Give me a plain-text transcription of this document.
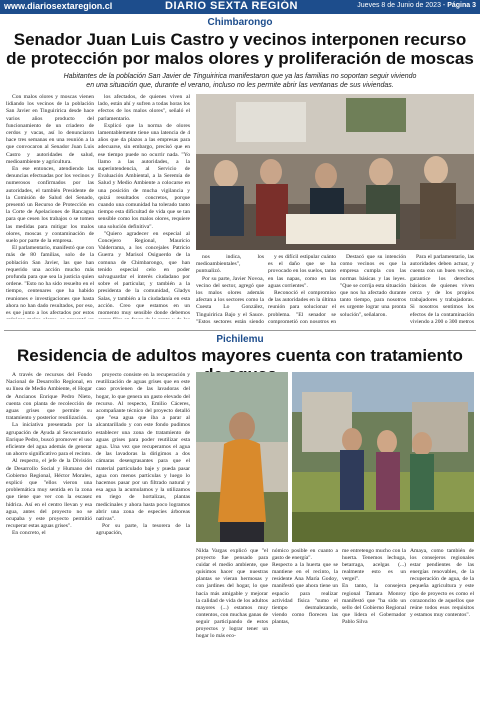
www.diariosextaregion.cl	DIARIO SEXTA REGIÓN	Jueves 8 de Junio de 2023 - Página 3
Chimbarongo
Senador Juan Luis Castro y vecinos interponen recurso
de protección por malos olores y proliferación de moscas
Habitantes de la población San Javier de Tinguiririca manifestaron que ya las familias no soportan seguir viviendo
en una situación que, durante el verano, incluso no les permite abrir las ventanas de sus viviendas.

Con malos olores y moscas vienen lidiando los vecinos de la población San Javier en Tinguiririca desde hace varios años producto del funcionamiento de un criadero de cerdos y vacas, así lo denunciaron hace tres semanas en una reunión a la que convocaron al Senador Juan Luis Castro y autoridades de salud, medioambiente y agricultura.

En ese entonces, atendiendo las denuncias efectuadas por los vecinos y numerosos confirmados por las autoridades, el también Presidente de la Comisión de Salud del Senado, presentó un Recurso de Protección en la Corte de Apelaciones de Rancagua para que cesen los trabajos o se tomen las medidas para mitigar los malos olores, moscas y contaminación de suelo por parte de la empresa.

El parlamentario, manifestó que con más de 80 familias, solo de la población San Javier, las que han requerido una acción mucho más profunda para que sea la justicia quien ordene. "Esto no ha sido resuelto en el tiempo, centenares que ha habido reuniones e investigaciones que hasta ahora no han dado resultados, por eso, es que junto a los afectados por estos

los afectados, de quienes viven al lado, están ahí y sufren a todas horas los efectos de los malos olores", señaló el parlamentario.

Explicó que la norma de olores lamentablemente tiene una latencia de 4 años que da plazos a las empresas para adecuarse, sin embargo, precisó que en ese tiempo puede no ocurrir nada. "Yo llamo a las autoridades, a la superintendencia, al Servicio de Evaluación Ambiental, a la Seremía de Salud y Medio Ambiente a colocarse en una posición de mucha vigilancia y quizá resultados concretos, porque cuando una comunidad ha tolerado tanto tiempo esta dificultad de vida que se tan sensible como los malos olores, requiere una solución definitiva".

"Quiero agradecer en especial al Concejero Regional, Mauricio Valderrama, a los concejales Patricio Guerra y Marisol Osiguerdo de la comuna de Chimbarongo, que han tenido especial celo en poder salvaguardar el interés ciudadano por sobre el particular, y también a la presidenta de la comunidad, Gladys Salas, y también a la ciudadanía en esta acción. Creo que estamos en un momento muy sensible donde debemos

nos indica, los medioambientales", puntualizó.

Por su parte, Javier Novoa, vecino del sector, agregó que los malos olores además afectan a los sectores como la Cuesta Lo González, Tinguiririca Bajo y el Sauce. "Estos sectores están siendo

y es difícil estipular cuánto es el daño que se ha provocado en los suelos, tanto en las napas, como en las aguas corrientes".

Reconoció el compromiso de las autoridades en la última reunión para solucionar el problema. "El senador se comprometió con nosotros en

Destacó que su intención como vecinos es que la empresa cumpla con las normas básicas y las leyes. "Que se corrija esta situación que nos ha afectado durante tanto tiempo, para nosotros es urgente lograr una pronta solución", señalaron.

Para el parlamentario, las autoridades deben actuar, y cuenta con un buen vecino, garantice los derechos básicos de quienes viven cerca y de los propios trabajadores y trabajadoras. Si nosotros sentimos los efectos de la contaminación viviendo a 200 o 300 metros

Pichilemu
Residencia de adultos mayores cuenta con tratamiento

A través de recursos del Fondo Nacional de Desarrollo Regional, en su línea de Medio Ambiente, el Hogar de Ancianos Enrique Pedro Nieto, cuenta con planta de recolección de aguas grises que permite su tratamiento y posterior reutilización.

La iniciativa presentada por la agrupación de Ayuda al Sexcuentario Enrique Pedro, buscó promover el uso eficiente del agua además de generar un ahorro significativo para el recinto.

Al respecto, el jefe de la División de Desarrollo Social y Humano del Gobierno Regional, Héctor Morales, explicó que "ellos vieron una problemática muy sentida en la zona que tiene que ver con la escasez hídrica. Así en el centro llevan y esa agua, antes del proyecto no se ocupaba y este proyecto permitió recuperar estas aguas grises".

En concreto, el

proyecto consiste en la recuperación y reutilización de aguas grises que en este caso provienen de las lavadoras del hogar, lo que genera un gasto elevado del recurso. Al respecto, Emilio Cáceres, acompañante técnico del proyecto detalló que "esa agua que iba a parar al alcantarillado y con este fondo pudimos establecer una zona de tratamiento de aguas grises para poder reutilizar esta agua. Una vez que recuperamos el agua de las lavadoras la dirigimos a dos cámaras desengrasantes para que el material particulado baje y pueda pasar agua con menos partículas y luego lo hacemos pasar por un filtrado natural y esa agua la acumulamos y la utilizamos en riego de hortalizas, plantas medicinales y ahora hasta poco logramos abrir una zona de especies árboreas nativas".

Por su parte, la tesorera de la agrupación,

Nilda Vargas explicó que "el proyecto fue pensado para cuidar el medio ambiente, que quisimos hacer que nuestras plantas se vieran hermosas y con jardines del hogar, lo que hacía más amigable y mejorar la calidad de vida de los adultos mayores (...) estamos muy contentos, con muchas ganas de seguir participando de estos proyectos y lograr tener un hogar lo más eco-
nómico posible en cuanto a gasto de energía".
Respecto a la huerta que se mantiene en el recinto, la residente Ana María Godoy, manifestó que ahora tiene un espacio para realizar actividad física "sumo el tiempo desmalezando, viendo como florecen las plantas,
me entretengo mucho con la huerta. Tenemos lechuga, betarraga, acelgas (...) realmente esto es un vergel".
En tanto, la consejera regional Tamara Monroy manifestó que "ha sido un sello del Gobierno Regional que lidera el Gobernador Pablo Silva
Amaya, como también de los consejeros regionales estar pendientes de las energías renovables, de la recuperación de agua, de la pequeña agricultura y este tipo de proyecto es como el corazoncito de aquellos que reúne todos esos requisitos y estamos muy contentos".
